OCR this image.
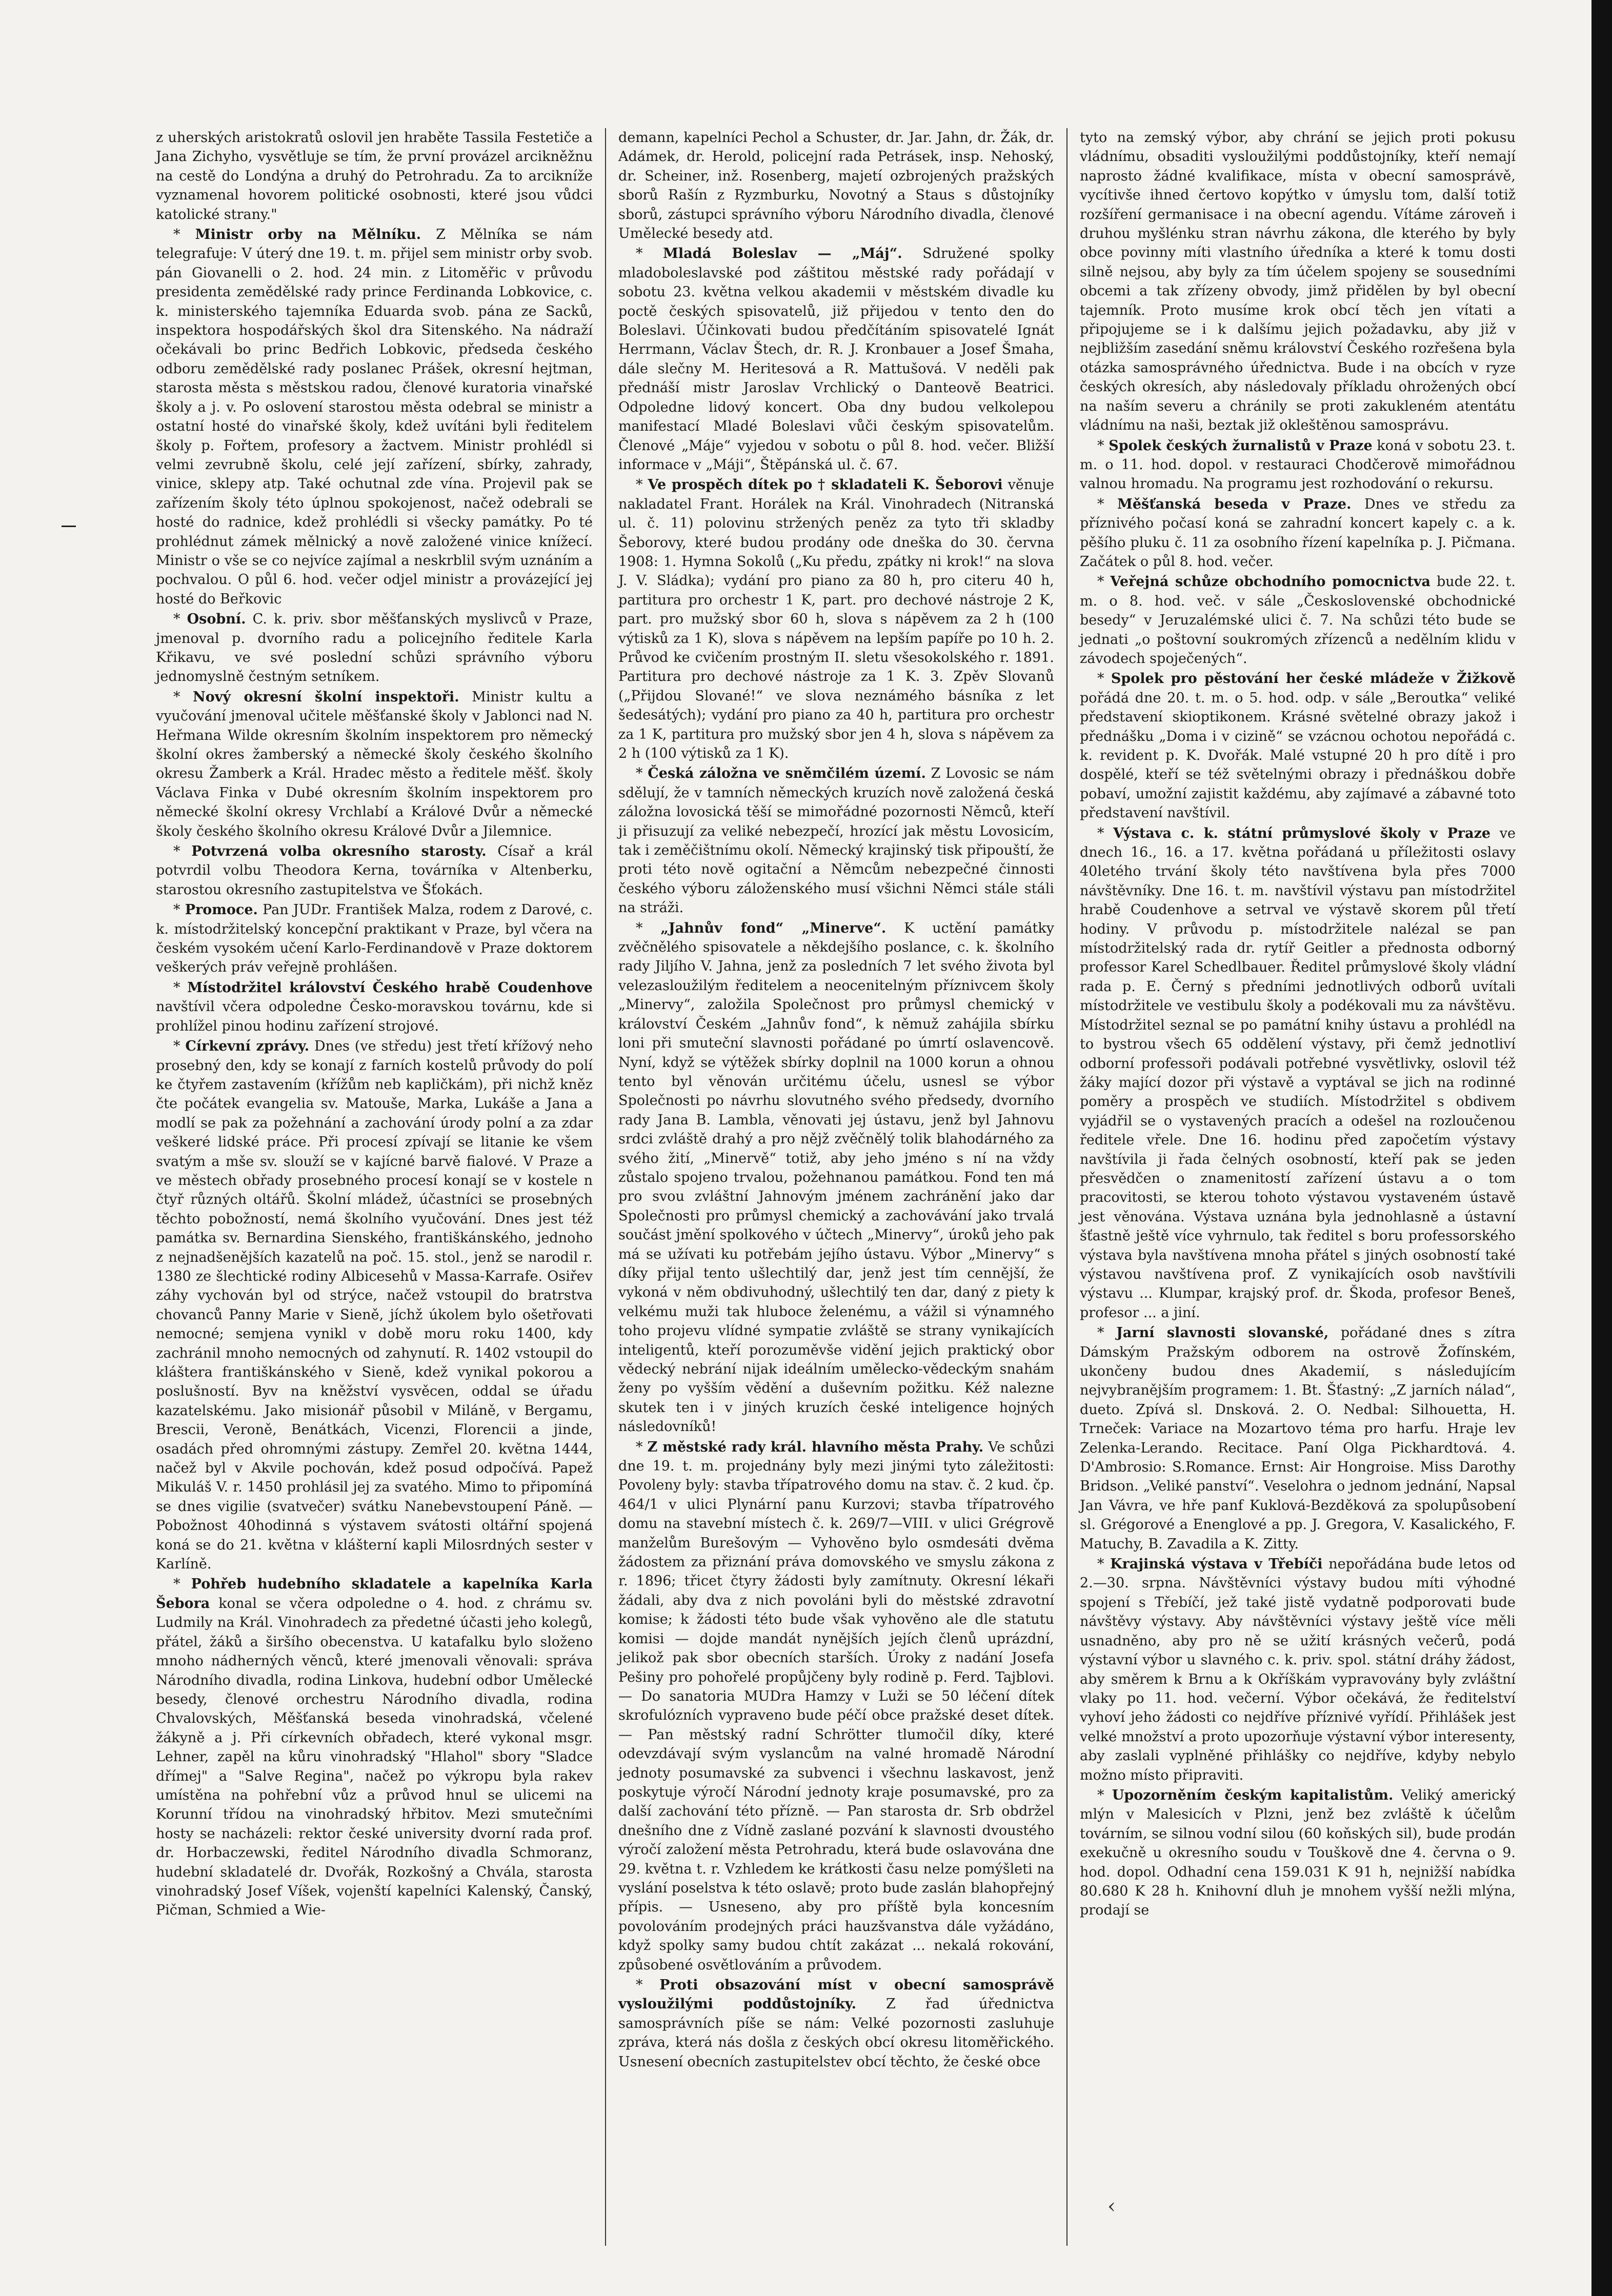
z uherských aristokratů oslovil jen hraběte Tassila Festetiče a Jana Zichyho, vysvětluje se tím, že první provázel arcikněžnu na cestě do Londýna a druhý do Petrohradu. Za to arcikníže vyznamenal hovorem politické osobnosti, které jsou vůdci katolické strany."

* Ministr orby na Mělníku. Z Mělníka se nám telegrafuje: V úterý dne 19. t. m. přijel sem ministr orby svob. pán Giovanelli o 2. hod. 24 min. z Litoměřic v průvodu presidenta zemědělské rady prince Ferdinanda Lobkovice, c. k. ministerského tajemníka Eduarda svob. pána ze Sacků, inspektora hospodářských škol dra Sitenského. Na nádraží očekávali bo princ Bedřich Lobkovic, předseda českého odboru zemědělské rady poslanec Prášek, okresní hejtman, starosta města s městskou radou, členové kuratoria vinařské školy a j. v. Po oslovení starostou města odebral se ministr a ostatní hosté do vinařské školy, kdež uvítáni byli ředitelem školy p. Fořtem, profesory a žactvem. Ministr prohlédl si velmi zevrubně školu, celé její zařízení, sbírky, zahrady, vinice, sklepy atp. Také ochutnal zde vína. Projevil pak se zařízením školy této úplnou spokojenost, načež odebrali se hosté do radnice, kdež prohlédli si všecky památky. Po té prohlédnut zámek mělnický a nově založené vinice knížecí. Ministr o vše se co nejvíce zajímal a neskrblil svým uznáním a pochvalou. O půl 6. hod. večer odjel ministr a provázející jej hosté do Beřkovic

* Osobní. C. k. priv. sbor měšťanských myslivců v Praze, jmenoval p. dvorního radu a policejního ředitele Karla Křikavu, ve své poslední schůzi správního výboru jednomyslně čestným setníkem.

* Nový okresní školní inspektoři. Ministr kultu a vyučování jmenoval učitele měšťanské školy v Jablonci nad N. Heřmana Wilde okresním školním inspektorem pro německý školní okres žamberský a německé školy českého školního okresu Žamberk a Král. Hradec město a ředitele měšť. školy Václava Finka v Dubé okresním školním inspektorem pro německé školní okresy Vrchlabí a Králové Dvůr a německé školy českého školního okresu Králové Dvůr a Jilemnice.

* Potvrzená volba okresního starosty. Císař a král potvrdil volbu Theodora Kerna, továrníka v Altenberku, starostou okresního zastupitelstva ve Šťokách.

* Promoce. Pan JUDr. František Malza, rodem z Darové, c. k. místodržitelský koncepční praktikant v Praze, byl včera na českém vysokém učení Karlo-Ferdinandově v Praze doktorem veškerých práv veřejně prohlášen.

* Místodržitel království Českého hrabě Coudenhove navštívil včera odpoledne Česko-moravskou továrnu, kde si prohlížel pinou hodinu zařízení strojové.

* Církevní zprávy. Dnes (ve středu) jest třetí křížový neho prosebný den, kdy se konají z farních kostelů průvody do polí ke čtyřem zastavením (křížům neb kapličkám), při nichž kněz čte počátek evangelia sv. Matouše, Marka, Lukáše a Jana a modlí se pak za požehnání a zachování úrody polní a za zdar veškeré lidské práce. Při procesí zpívají se litanie ke všem svatým a mše sv. slouží se v kajícné barvě fialové. V Praze a ve městech obřady prosebného procesí konají se v kostele n čtyř různých oltářů. Školní mládež, účastníci se prosebných těchto pobožností, nemá školního vyučování. Dnes jest též památka sv. Bernardina Sienského, františkánského, jednoho z nejnadšenějších kazatelů na poč. 15. stol., jenž se narodil r. 1380 ze šlechtické rodiny Albicesehů v Massa-Karrafe. Osiřev záhy vychován byl od strýce, načež vstoupil do bratrstva chovanců Panny Marie v Sieně, jíchž úkolem bylo ošetřovati nemocné; semjena vynikl v době moru roku 1400, kdy zachránil mnoho nemocných od zahynutí. R. 1402 vstoupil do kláštera františkánského v Sieně, kdež vynikal pokorou a poslušností. Byv na kněžství vysvěcen, oddal se úřadu kazatelskému. Jako misionář působil v Miláně, v Bergamu, Brescii, Veroně, Benátkách, Vicenzi, Florencii a jinde, osadách před ohromnými zástupy. Zemřel 20. května 1444, načež byl v Akvile pochován, kdež posud odpočívá. Papež Mikuláš V. r. 1450 prohlásil jej za svatého. Mimo to připomíná se dnes vigilie (svatvečer) svátku Nanebevstoupení Páně. — Pobožnost 40hodinná s výstavem svátosti oltářní spojená koná se do 21. května v klášterní kapli Milosrdných sester v Karlíně.

* Pohřeb hudebního skladatele a kapelníka Karla Šebora konal se včera odpoledne o 4. hod. z chrámu sv. Ludmily na Král. Vinohradech za předetné účasti jeho kolegů, přátel, žáků a širšího obecenstva. U katafalku bylo složeno mnoho nádherných věnců, které jmenovali věnovali: správa Národního divadla, rodina Linkova, hudební odbor Umělecké besedy, členové orchestru Národního divadla, rodina Chvalovských, Měšťanská beseda vinohradská, včelené žákyně a j. Při církevních obřadech, které vykonal msgr. Lehner, zapěl na kůru vinohradský "Hlahol" sbory "Sladce dřímej" a "Salve Regina", načež po výkropu byla rakev umístěna na pohřební vůz a průvod hnul se ulicemi na Korunní třídou na vinohradský hřbitov. Mezi smutečními hosty se nacházeli: rektor české university dvorní rada prof. dr. Horbaczewski, ředitel Národního divadla Schmoranz, hudební skladatelé dr. Dvořák, Rozkošný a Chvála, starosta vinohradský Josef Víšek, vojenští kapelníci Kalenský, Čanský, Pičman, Schmied a Wie-

demann, kapelníci Pechol a Schuster, dr. Jar. Jahn, dr. Žák, dr. Adámek, dr. Herold, policejní rada Petrásek, insp. Nehoský, dr. Scheiner, inž. Rosenberg, majetí ozbrojených pražských sborů Rašín z Ryzmburku, Novotný a Staus s důstojníky sborů, zástupci správního výboru Národního divadla, členové Umělecké besedy atd.

* Mladá Boleslav — „Máj“. Sdružené spolky mladoboleslavské pod záštitou městské rady pořádají v sobotu 23. května velkou akademii v městském divadle ku poctě českých spisovatelů, již přijedou v tento den do Boleslavi. Účinkovati budou předčítáním spisovatelé Ignát Herrmann, Václav Štech, dr. R. J. Kronbauer a Josef Šmaha, dále slečny M. Heritesová a R. Mattušová. V neděli pak přednáší mistr Jaroslav Vrchlický o Danteově Beatrici. Odpoledne lidový koncert. Oba dny budou velkolepou manifestací Mladé Boleslavi vůči českým spisovatelům. Členové „Máje“ vyjedou v sobotu o půl 8. hod. večer. Bližší informace v „Máji“, Štěpánská ul. č. 67.

* Ve prospěch dítek po † skladateli K. Šeborovi věnuje nakladatel Frant. Horálek na Král. Vinohradech (Nitranská ul. č. 11) polovinu stržených peněz za tyto tři skladby Šeborovy, které budou prodány ode dneška do 30. června 1908: 1. Hymna Sokolů („Ku předu, zpátky ni krok!“ na slova J. V. Sládka); vydání pro piano za 80 h, pro citeru 40 h, partitura pro orchestr 1 K, part. pro dechové nástroje 2 K, part. pro mužský sbor 60 h, slova s nápěvem za 2 h (100 výtisků za 1 K), slova s nápěvem na lepším papíře po 10 h. 2. Průvod ke cvičením prostným II. sletu všesokolského r. 1891. Partitura pro dechové nástroje za 1 K. 3. Zpěv Slovanů („Přijdou Slované!“ ve slova neznámého básníka z let šedesátých); vydání pro piano za 40 h, partitura pro orchestr za 1 K, partitura pro mužský sbor jen 4 h, slova s nápěvem za 2 h (100 výtisků za 1 K).

* Česká záložna ve sněmčilém území. Z Lovosic se nám sdělují, že v tamních německých kruzích nově založená česká záložna lovosická těší se mimořádné pozornosti Němců, kteří ji přisuzují za veliké nebezpečí, hrozící jak městu Lovosicím, tak i zeměčištnímu okolí. Německý krajinský tisk připouští, že proti této nově ogitační a Němcům nebezpečné činnosti českého výboru záloženského musí všichni Němci stále stáli na stráži.

* „Jahnův fond“ „Minerve“. K uctění památky zvěčnělého spisovatele a někdejšího poslance, c. k. školního rady Jiljího V. Jahna, jenž za posledních 7 let svého života byl velezasloužilým ředitelem a neocenitelným příznivcem školy „Minervy“, založila Společnost pro průmysl chemický v království Českém „Jahnův fond“, k němuž zahájila sbírku loni při smuteční slavnosti pořádané po úmrtí oslavencově. Nyní, když se výtěžek sbírky doplnil na 1000 korun a ohnou tento byl věnován určitému účelu, usnesl se výbor Společnosti po návrhu slovutného svého předsedy, dvorního rady Jana B. Lambla, věnovati jej ústavu, jenž byl Jahnovu srdci zvláště drahý a pro nějž zvěčnělý tolik blahodárného za svého žití, „Minervě“ totiž, aby jeho jméno s ní na vždy zůstalo spojeno trvalou, požehnanou památkou. Fond ten má pro svou zvláštní Jahnovým jménem zachránění jako dar Společnosti pro průmysl chemický a zachovávání jako trvalá součást jmění spolkového v účtech „Minervy“, úroků jeho pak má se užívati ku potřebám jejího ústavu. Výbor „Minervy“ s díky přijal tento ušlechtilý dar, jenž jest tím cennější, že vykoná v něm obdivuhodný, ušlechtilý ten dar, daný z piety k velkému muži tak hluboce želenému, a vážil si výnamného toho projevu vlídné sympatie zvláště se strany vynikajících inteligentů, kteří porozuměvše vidění jejich praktický obor vědecký nebrání nijak ideálním umělecko-vědeckým snahám ženy po vyšším vědění a duševním požitku. Kéž nalezne skutek ten i v jiných kruzích české inteligence hojných následovníků!

* Z městské rady král. hlavního města Prahy. Ve schůzi dne 19. t. m. projednány byly mezi jinými tyto záležitosti: Povoleny byly: stavba třípatrového domu na stav. č. 2 kud. čp. 464/1 v ulici Plynární panu Kurzovi; stavba třípatrového domu na stavební místech č. k. 269/7—VIII. v ulici Grégrově manželům Burešovým — Vyhověno bylo osmdesáti dvěma žádostem za přiznání práva domovského ve smyslu zákona z r. 1896; třicet čtyry žádosti byly zamítnuty. Okresní lékaři žádali, aby dva z nich povoláni byli do městské zdravotní komise; k žádosti této bude však vyhověno ale dle statutu komisi — dojde mandát nynějších jejích členů uprázdní, jelikož pak sbor obecních starších. Úroky z nadání Josefa Pešiny pro pohořelé propůjčeny byly rodině p. Ferd. Tajblovi. — Do sanatoria MUDra Hamzy v Luži se 50 léčení dítek skrofulózních vypraveno bude péčí obce pražské deset dítek. — Pan městský radní Schrötter tlumočil díky, které odevzdávají svým vyslancům na valné hromadě Národní jednoty posumavské za subvenci i všechnu laskavost, jenž poskytuje výročí Národní jednoty kraje posumavské, pro za další zachování této přízně. — Pan starosta dr. Srb obdržel dnešního dne z Vídně zaslané pozvání k slavnosti dvoustého výročí založení města Petrohradu, která bude oslavována dne 29. května t. r. Vzhledem ke krátkosti času nelze pomýšleti na vyslání poselstva k této oslavě; proto bude zaslán blahopřejný přípis. — Usneseno, aby pro příště byla koncesním povolováním prodejných práci hauzšvanstva dále vyžádáno, když spolky samy budou chtít zakázat ... nekalá rokování, způsobené osvětlováním a průvodem.

* Proti obsazování míst v obecní samosprávě vysloužilými poddůstojníky. Z řad úřednictva samosprávních píše se nám: Velké pozornosti zasluhuje zpráva, která nás došla z českých obcí okresu litoměřického. Usnesení obecních zastupitelstev obcí těchto, že české obce

tyto na zemský výbor, aby chrání se jejich proti pokusu vládnímu, obsaditi vysloužilými poddůstojníky, kteří nemají naprosto žádné kvalifikace, místa v obecní samosprávě, vycítivše ihned čertovo kopýtko v úmyslu tom, další totiž rozšíření germanisace i na obecní agendu. Vítáme zároveň i druhou myšlénku stran návrhu zákona, dle kterého by byly obce povinny míti vlastního úředníka a které k tomu dosti silně nejsou, aby byly za tím účelem spojeny se sousedními obcemi a tak zřízeny obvody, jimž přidělen by byl obecní tajemník. Proto musíme krok obcí těch jen vítati a připojujeme se i k dalšímu jejich požadavku, aby již v nejbližším zasedání sněmu království Českého rozřešena byla otázka samosprávného úřednictva. Bude i na obcích v ryze českých okresích, aby následovaly příkladu ohrožených obcí na naším severu a chránily se proti zakukleném atentátu vládnímu na naši, beztak již okleštěnou samosprávu.

* Spolek českých žurnalistů v Praze koná v sobotu 23. t. m. o 11. hod. dopol. v restauraci Chodčerově mimořádnou valnou hromadu. Na programu jest rozhodování o rekursu.

* Měšťanská beseda v Praze. Dnes ve středu za příznivého počasí koná se zahradní koncert kapely c. a k. pěšího pluku č. 11 za osobního řízení kapelníka p. J. Pičmana. Začátek o půl 8. hod. večer.

* Veřejná schůze obchodního pomocnictva bude 22. t. m. o 8. hod. več. v sále „Československé obchodnické besedy“ v Jeruzalémské ulici č. 7. Na schůzi této bude se jednati „o poštovní soukromých zřízenců a nedělním klidu v závodech spoječených“.

* Spolek pro pěstování her české mládeže v Žižkově pořádá dne 20. t. m. o 5. hod. odp. v sále „Beroutka“ veliké představení skioptikonem. Krásné světelné obrazy jakož i přednášku „Doma i v cizině“ se vzácnou ochotou nepořádá c. k. revident p. K. Dvořák. Malé vstupné 20 h pro dítě i pro dospělé, kteří se též světelnými obrazy i přednáškou dobře pobaví, umožní zajistit každému, aby zajímavé a zábavné toto představení navštívil.

* Výstava c. k. státní průmyslové školy v Praze ve dnech 16., 16. a 17. května pořádaná u příležitosti oslavy 40letého trvání školy této navštívena byla přes 7000 návštěvníky. Dne 16. t. m. navštívil výstavu pan místodržitel hrabě Coudenhove a setrval ve výstavě skorem půl třetí hodiny. V průvodu p. místodržitele nalézal se pan místodržitelský rada dr. rytíř Geitler a přednosta odborný professor Karel Schedlbauer. Ředitel průmyslové školy vládní rada p. E. Černý s předními jednotlivých odborů uvítali místodržitele ve vestibulu školy a podékovali mu za návštěvu. Místodržitel seznal se po památní knihy ústavu a prohlédl na to bystrou všech 65 oddělení výstavy, při čemž jednotliví odborní professoři podávali potřebné vysvětlivky, oslovil též žáky mající dozor při výstavě a vyptával se jich na rodinné poměry a prospěch ve studiích. Místodržitel s obdivem vyjádřil se o vystavených pracích a odešel na rozloučenou ředitele vřele. Dne 16. hodinu před započetím výstavy navštívila ji řada čelných osobností, kteří pak se jeden přesvědčen o znamenitostí zařízení ústavu a o tom pracovitosti, se kterou tohoto výstavou vystaveném ústavě jest věnována. Výstava uznána byla jednohlasně a ústavní šťastně ještě více vyhrnulo, tak ředitel s boru professorského výstava byla navštívena mnoha přátel s jiných osobností také výstavou navštívena prof. Z vynikajících osob navštívili výstavu ... Klumpar, krajský prof. dr. Škoda, profesor Beneš, profesor ... a jiní.

* Jarní slavnosti slovanské, pořádané dnes s zítra Dámským Pražským odborem na ostrově Žofínském, ukončeny budou dnes Akademií, s následujícím nejvybranějším programem: 1. Bt. Šťastný: „Z jarních nálad“, dueto. Zpívá sl. Dnsková. 2. O. Nedbal: Silhouetta, H. Trneček: Variace na Mozartovo téma pro harfu. Hraje lev Zelenka-Lerando. Recitace. Paní Olga Pickhardtová. 4. D'Ambrosio: S.Romance. Ernst: Air Hongroise. Miss Darothy Bridson. „Veliké panství“. Veselohra o jednom jednání, Napsal Jan Vávra, ve hře panf Kuklová-Bezděková za spolupůsobení sl. Grégorové a Enenglové a pp. J. Gregora, V. Kasalického, F. Matuchy, B. Zavadila a K. Zitty.

* Krajinská výstava v Třebíči nepořádána bude letos od 2.—30. srpna. Návštěvníci výstavy budou míti výhodné spojení s Třebíčí, jež také jistě vydatně podporovati bude návštěvy výstavy. Aby návštěvníci výstavy ještě více měli usnadněno, aby pro ně se užití krásných večerů, podá výstavní výbor u slavného c. k. priv. spol. státní dráhy žádost, aby směrem k Brnu a k Okříškám vypravovány byly zvláštní vlaky po 11. hod. večerní. Výbor očekává, že ředitelství vyhoví jeho žádosti co nejdříve příznivé vyřídí. Přihlášek jest velké množství a proto upozorňuje výstavní výbor interesenty, aby zaslali vyplněné přihlášky co nejdříve, kdyby nebylo možno místo připraviti.

* Upozorněním českým kapitalistům. Veliký americký mlýn v Malesicích v Plzni, jenž bez zvláště k účelům továrním, se silnou vodní silou (60 koňských sil), bude prodán exekučně u okresního soudu v Touškově dne 4. června o 9. hod. dopol. Odhadní cena 159.031 K 91 h, nejnižší nabídka 80.680 K 28 h. Knihovní dluh je mnohem vyšší nežli mlýna, prodají se

‹
